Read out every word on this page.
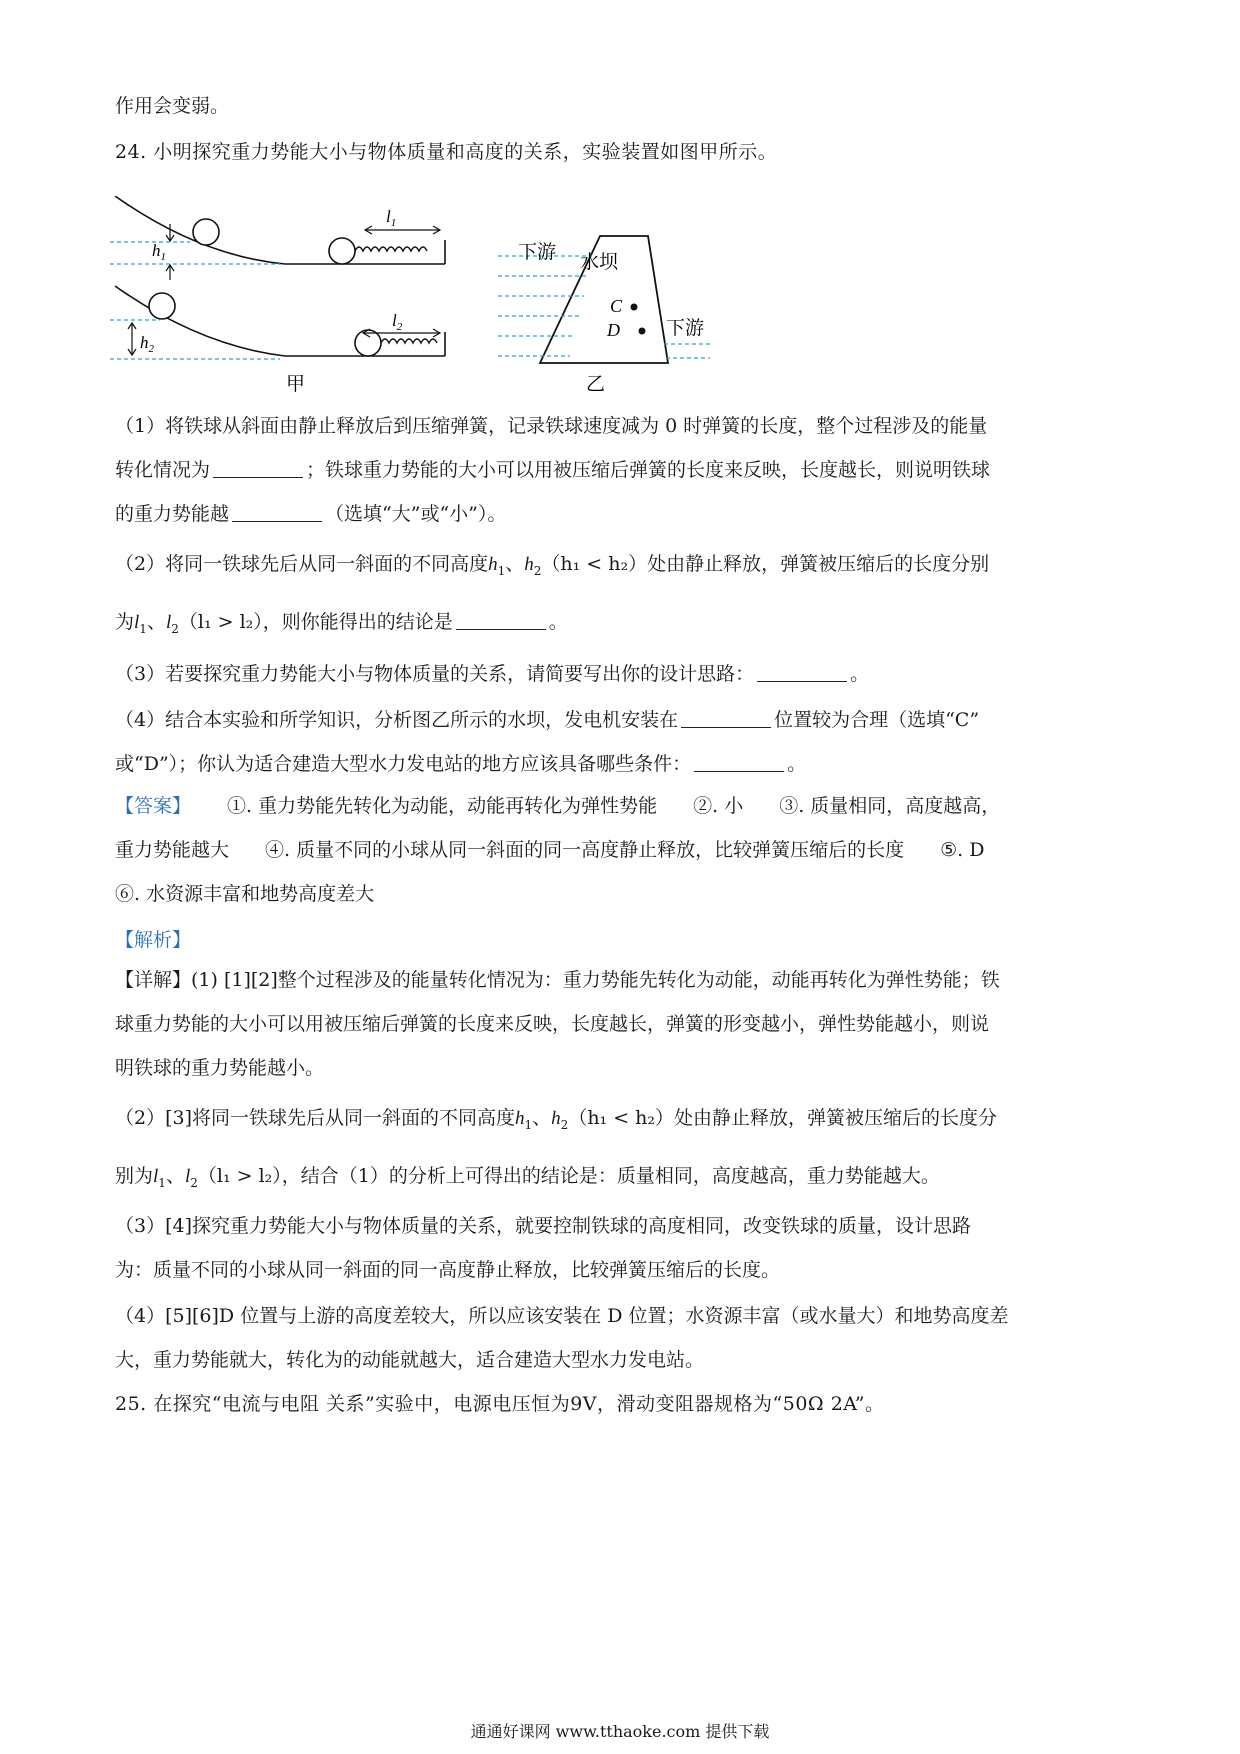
作用会变弱。
24. 小明探究重力势能大小与物体质量和高度的关系，实验装置如图甲所示。
$h_1$
$l_1$
$h_2$
$l_2$
甲
下游 水坝
C
D 下游
乙
（1）将铁球从斜面由静止释放后到压缩弹簧，记录铁球速度减为 0 时弹簧的长度，整个过程涉及的能量
转化情况为	；铁球重力势能的大小可以用被压缩后弹簧的长度来反映，长度越长，则说明铁球
的重力势能越	（选填“大”或“小”）。
（2）将同一铁球先后从同一斜面的不同高度$h_1$、$h_2(h_1 < h_2)$处由静止释放，弹簧被压缩后的长度分别
为$l_1$、$l_2(l_1 > l_2)$，则你能得出的结论是	。
（3）若要探究重力势能大小与物体质量的关系，请简要写出你的设计思路：	。
（4）结合本实验和所学知识，分析图乙所示的水坝，发电机安装在	位置较为合理（选填“C”
或“D”）；你认为适合建造大型水力发电站的地方应该具备哪些条件：	。
【答案】 ①. 重力势能先转化为动能，动能再转化为弹性势能 ②. 小 ③. 质量相同，高度越高，
重力势能越大 ④. 质量不同的小球从同一斜面的同一高度静止释放，比较弹簧压缩后的长度 ⑤. D
⑥. 水资源丰富和地势高度差大
【解析】
【详解】(1) [1][2]整个过程涉及的能量转化情况为：重力势能先转化为动能，动能再转化为弹性势能；铁
球重力势能的大小可以用被压缩后弹簧的长度来反映，长度越长，弹簧的形变越小，弹性势能越小，则说
明铁球的重力势能越小。
（2）[3]将同一铁球先后从同一斜面的不同高度$h_1$、$h_2(h_1 < h_2)$处由静止释放，弹簧被压缩后的长度分
别为$l_1$、$l_2(l_1 > l_2)$，结合（1）的分析上可得出的结论是：质量相同，高度越高，重力势能越大。
（3）[4]探究重力势能大小与物体质量的关系，就要控制铁球的高度相同，改变铁球的质量，设计思路
为：质量不同的小球从同一斜面的同一高度静止释放，比较弹簧压缩后的长度。
（4）[5][6]D 位置与上游的高度差较大，所以应该安装在 D 位置；水资源丰富（或水量大）和地势高度差
大，重力势能就大，转化为的动能就越大，适合建造大型水力发电站。
25. 在探究“电流与电阻 关系”实验中，电源电压恒为9V，滑动变阻器规格为“50Ω 2A”。
通通好课网 www.tthaoke.com 提供下载
